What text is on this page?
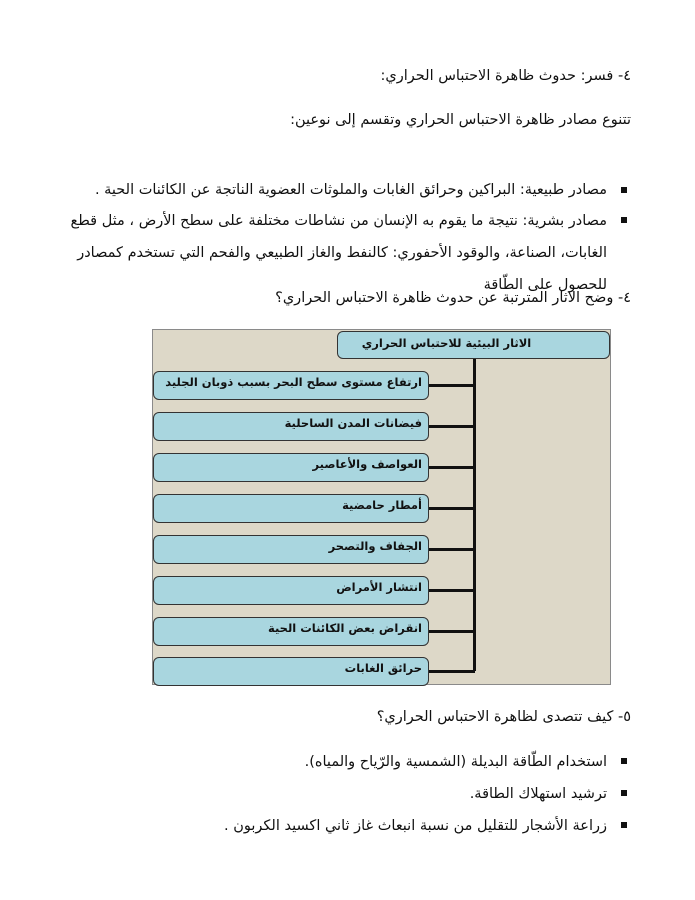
٤- فسر: حدوث ظاهرة الاحتباس الحراري:
تتنوع مصادر ظاهرة الاحتباس الحراري وتقسم إلى نوعين:
مصادر طبيعية: البراكين وحرائق الغابات والملوثات العضوية الناتجة عن الكائنات الحية .
مصادر بشرية: نتيجة ما يقوم به الإنسان من نشاطات مختلفة على سطح الأرض ، مثل قطع الغابات، الصناعة، والوقود الأحفوري: كالنفط والغاز الطبيعي والفحم التي تستخدم كمصادر للحصول على الطّاقة
٤- وضح الاثار المترتبة عن حدوث ظاهرة الاحتباس الحراري؟
الاثار البيئية للاحتباس الحراري
ارتفاع مستوى سطح البحر بسبب ذوبان الجليد
فيضانات المدن الساحلية
العواصف والأعاصير
أمطار حامضية
الجفاف والتصحر
انتشار الأمراض
انقراض بعض الكائنات الحية
حرائق الغابات
٥- كيف تتصدى لظاهرة الاحتباس الحراري؟
استخدام الطّاقة البديلة (الشمسية والرّياح والمياه).
ترشيد استهلاك الطاقة.
زراعة الأشجار للتقليل من نسبة انبعاث غاز ثاني اكسيد الكربون .
